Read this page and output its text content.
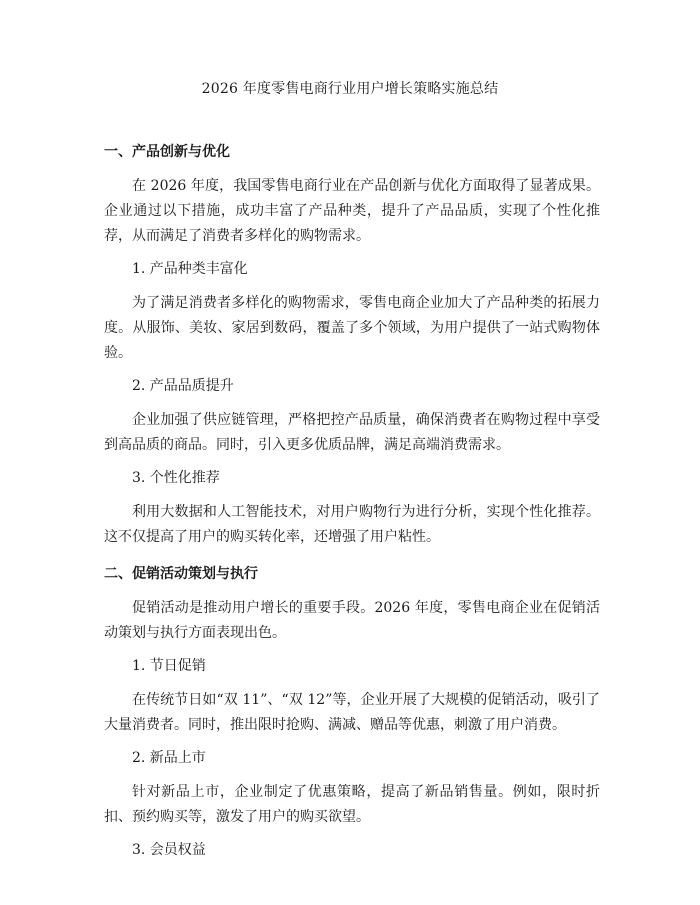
2026 年度零售电商行业用户增长策略实施总结
一、产品创新与优化
在 2026 年度，我国零售电商行业在产品创新与优化方面取得了显著成果。企业通过以下措施，成功丰富了产品种类，提升了产品品质，实现了个性化推荐，从而满足了消费者多样化的购物需求。
1. 产品种类丰富化
为了满足消费者多样化的购物需求，零售电商企业加大了产品种类的拓展力度。从服饰、美妆、家居到数码，覆盖了多个领域，为用户提供了一站式购物体验。
2. 产品品质提升
企业加强了供应链管理，严格把控产品质量，确保消费者在购物过程中享受到高品质的商品。同时，引入更多优质品牌，满足高端消费需求。
3. 个性化推荐
利用大数据和人工智能技术，对用户购物行为进行分析，实现个性化推荐。这不仅提高了用户的购买转化率，还增强了用户粘性。
二、促销活动策划与执行
促销活动是推动用户增长的重要手段。2026 年度，零售电商企业在促销活动策划与执行方面表现出色。
1. 节日促销
在传统节日如“双 11”、“双 12”等，企业开展了大规模的促销活动，吸引了大量消费者。同时，推出限时抢购、满减、赠品等优惠，刺激了用户消费。
2. 新品上市
针对新品上市，企业制定了优惠策略，提高了新品销售量。例如，限时折扣、预约购买等，激发了用户的购买欲望。
3. 会员权益
